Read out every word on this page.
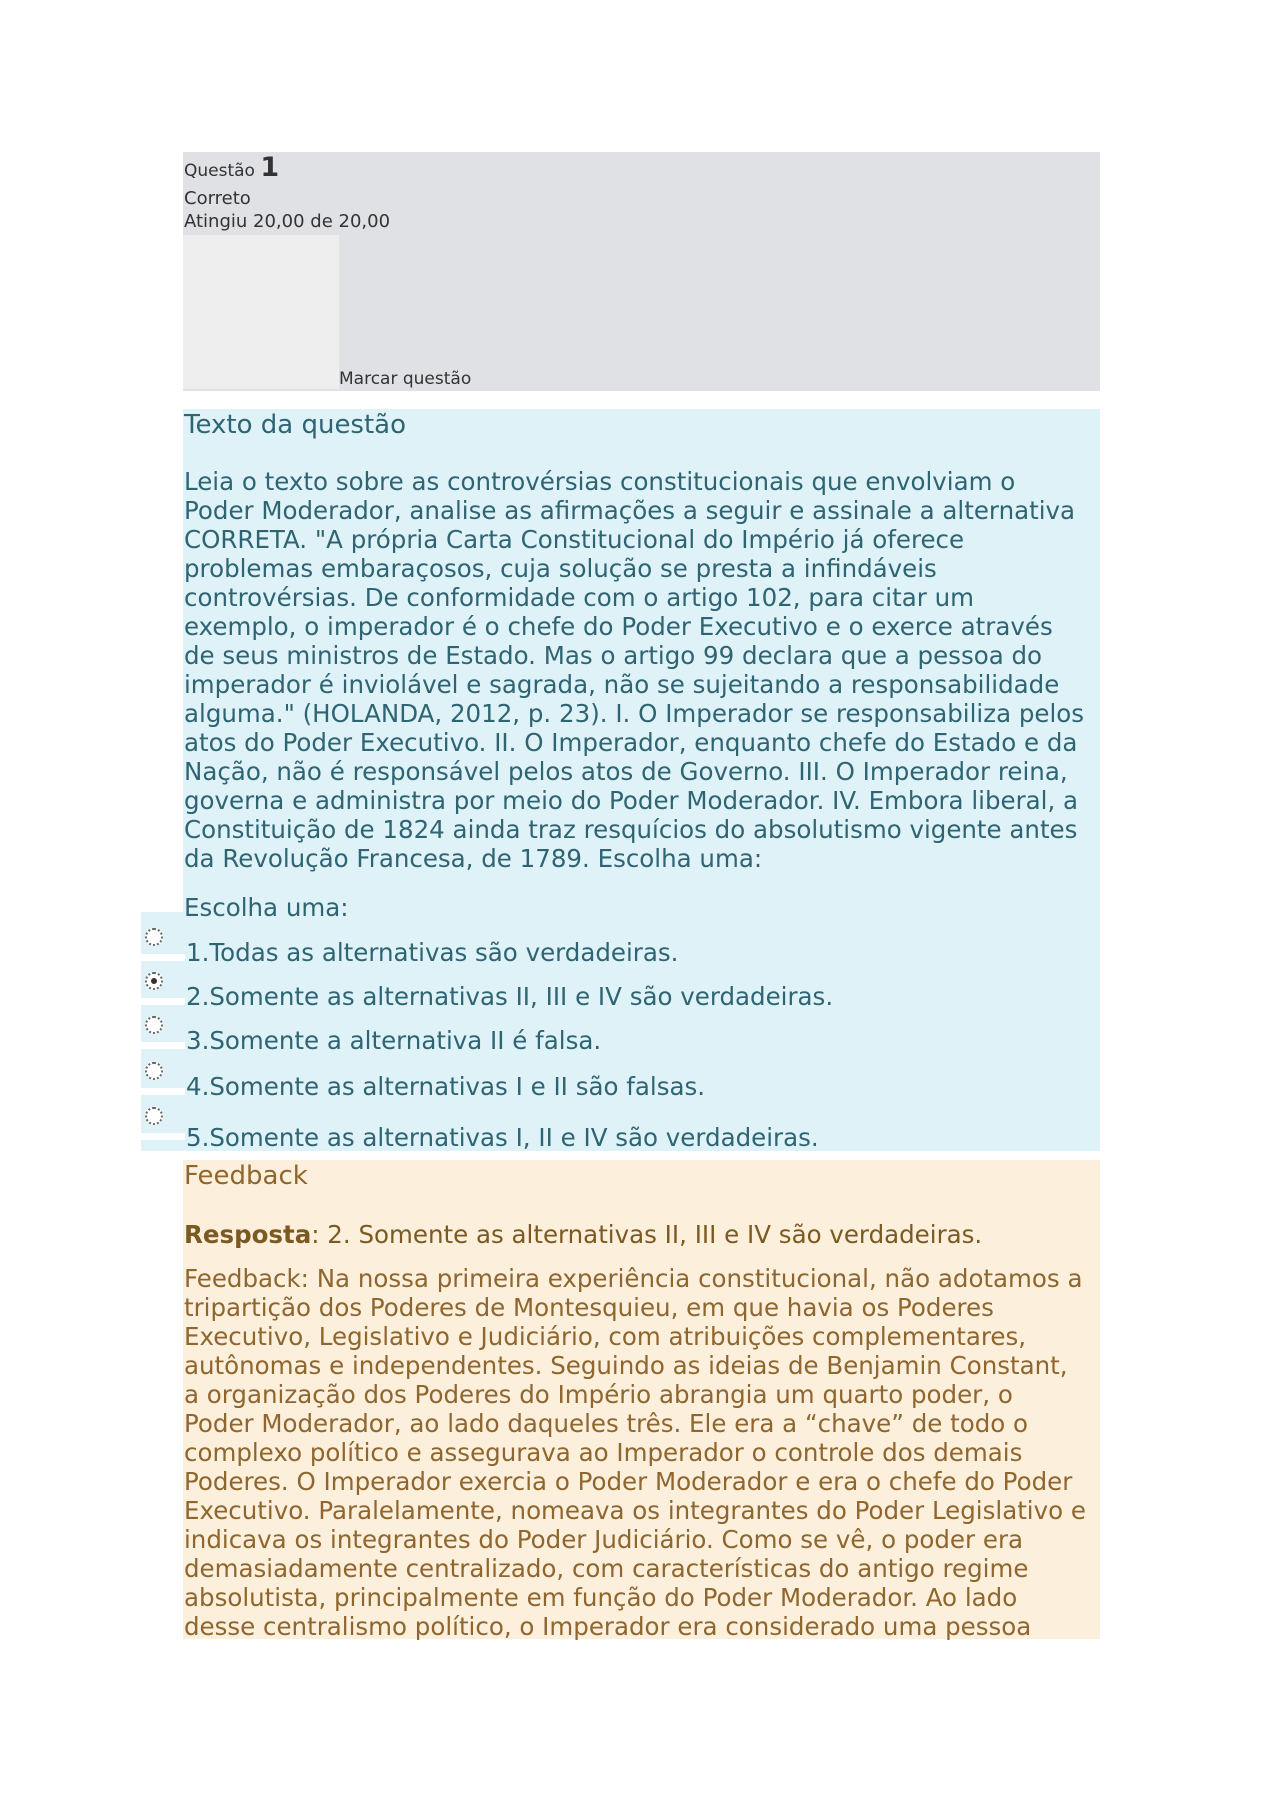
Questão 1
Correto
Atingiu 20,00 de 20,00
Marcar questão
Texto da questão

Leia o texto sobre as controvérsias constitucionais que envolviam o
Poder Moderador, analise as afirmações a seguir e assinale a alternativa
CORRETA. "A própria Carta Constitucional do Império já oferece
problemas embaraçosos, cuja solução se presta a infindáveis
controvérsias. De conformidade com o artigo 102, para citar um
exemplo, o imperador é o chefe do Poder Executivo e o exerce através
de seus ministros de Estado. Mas o artigo 99 declara que a pessoa do
imperador é inviolável e sagrada, não se sujeitando a responsabilidade
alguma." (HOLANDA, 2012, p. 23). I. O Imperador se responsabiliza pelos
atos do Poder Executivo. II. O Imperador, enquanto chefe do Estado e da
Nação, não é responsável pelos atos de Governo. III. O Imperador reina,
governa e administra por meio do Poder Moderador. IV. Embora liberal, a
Constituição de 1824 ainda traz resquícios do absolutismo vigente antes
da Revolução Francesa, de 1789. Escolha uma:

Escolha uma:
1.Todas as alternativas são verdadeiras.
2.Somente as alternativas II, III e IV são verdadeiras.
3.Somente a alternativa II é falsa.
4.Somente as alternativas I e II são falsas.
5.Somente as alternativas I, II e IV são verdadeiras.
Feedback
Resposta: 2. Somente as alternativas II, III e IV são verdadeiras.

Feedback: Na nossa primeira experiência constitucional, não adotamos a
tripartição dos Poderes de Montesquieu, em que havia os Poderes
Executivo, Legislativo e Judiciário, com atribuições complementares,
autônomas e independentes. Seguindo as ideias de Benjamin Constant,
a organização dos Poderes do Império abrangia um quarto poder, o
Poder Moderador, ao lado daqueles três. Ele era a “chave” de todo o
complexo político e assegurava ao Imperador o controle dos demais
Poderes. O Imperador exercia o Poder Moderador e era o chefe do Poder
Executivo. Paralelamente, nomeava os integrantes do Poder Legislativo e
indicava os integrantes do Poder Judiciário. Como se vê, o poder era
demasiadamente centralizado, com características do antigo regime
absolutista, principalmente em função do Poder Moderador. Ao lado
desse centralismo político, o Imperador era considerado uma pessoa
